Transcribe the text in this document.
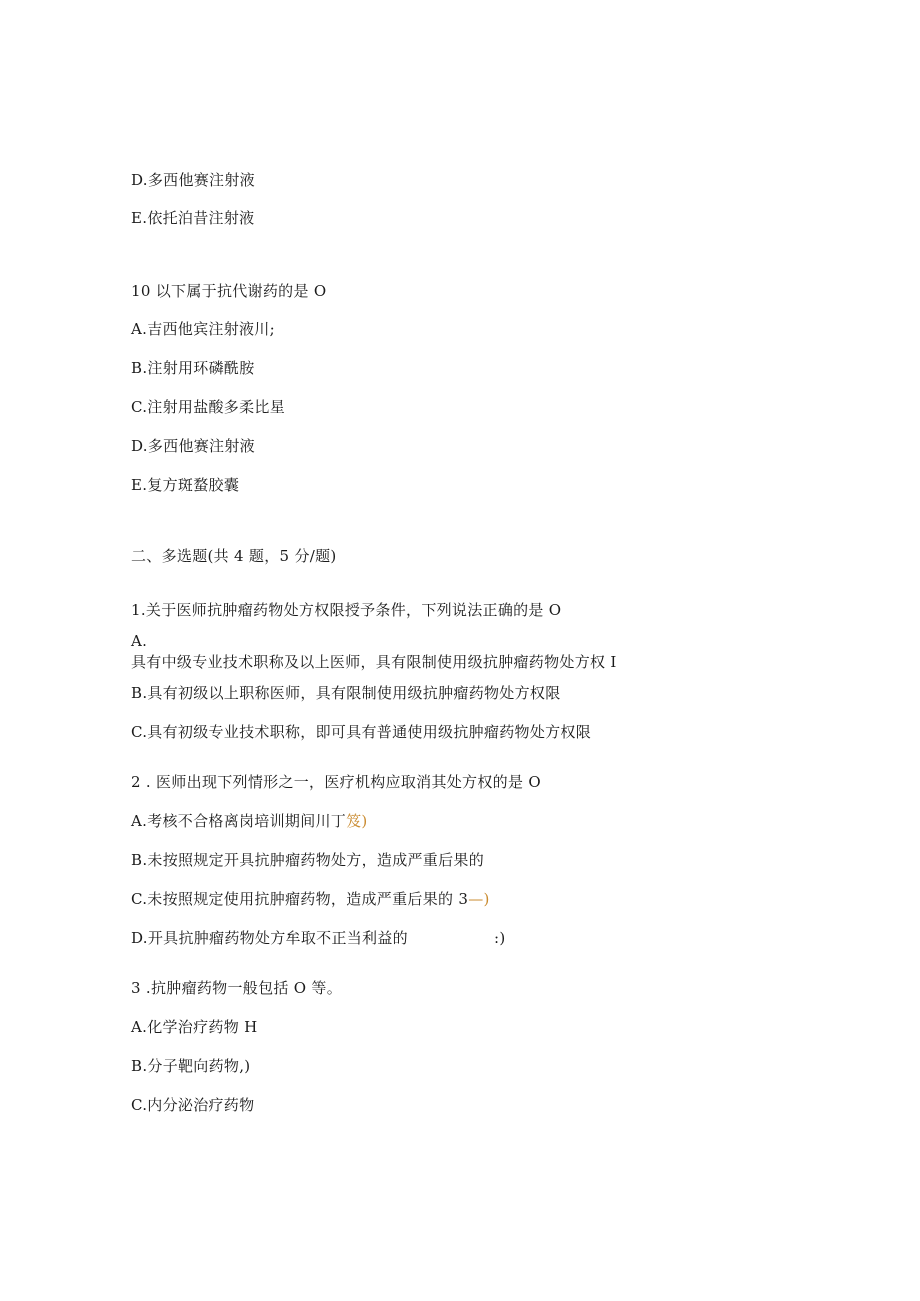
D.多西他赛注射液
E.依托泊昔注射液
10 以下属于抗代谢药的是 O
A.吉西他宾注射液川;
B.注射用环磷酰胺
C.注射用盐酸多柔比星
D.多西他赛注射液
E.复方斑蝥胶囊
二、多选题(共 4 题，5 分/题)
1.关于医师抗肿瘤药物处方权限授予条件，下列说法正确的是 O
A.
具有中级专业技术职称及以上医师，具有限制使用级抗肿瘤药物处方权 I
B.具有初级以上职称医师，具有限制使用级抗肿瘤药物处方权限
C.具有初级专业技术职称，即可具有普通使用级抗肿瘤药物处方权限
2 . 医师出现下列情形之一，医疗机构应取消其处方权的是 O
A.考核不合格离岗培训期间川丁笈)
B.未按照规定开具抗肿瘤药物处方，造成严重后果的
C.未按照规定使用抗肿瘤药物，造成严重后果的 3—)
D.开具抗肿瘤药物处方牟取不正当利益的	:)
3 .抗肿瘤药物一般包括 O 等。
A.化学治疗药物 H
B.分子靶向药物,)
C.内分泌治疗药物
